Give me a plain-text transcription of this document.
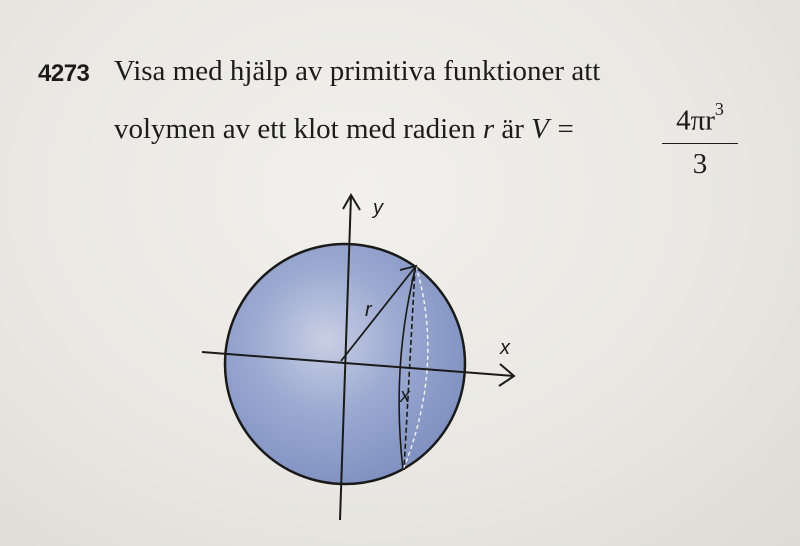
4273 Visa med hjälp av primitiva funktioner att
volymen av ett klot med radien r är V =	$4\pi r^3$
3
y
x
r
x
